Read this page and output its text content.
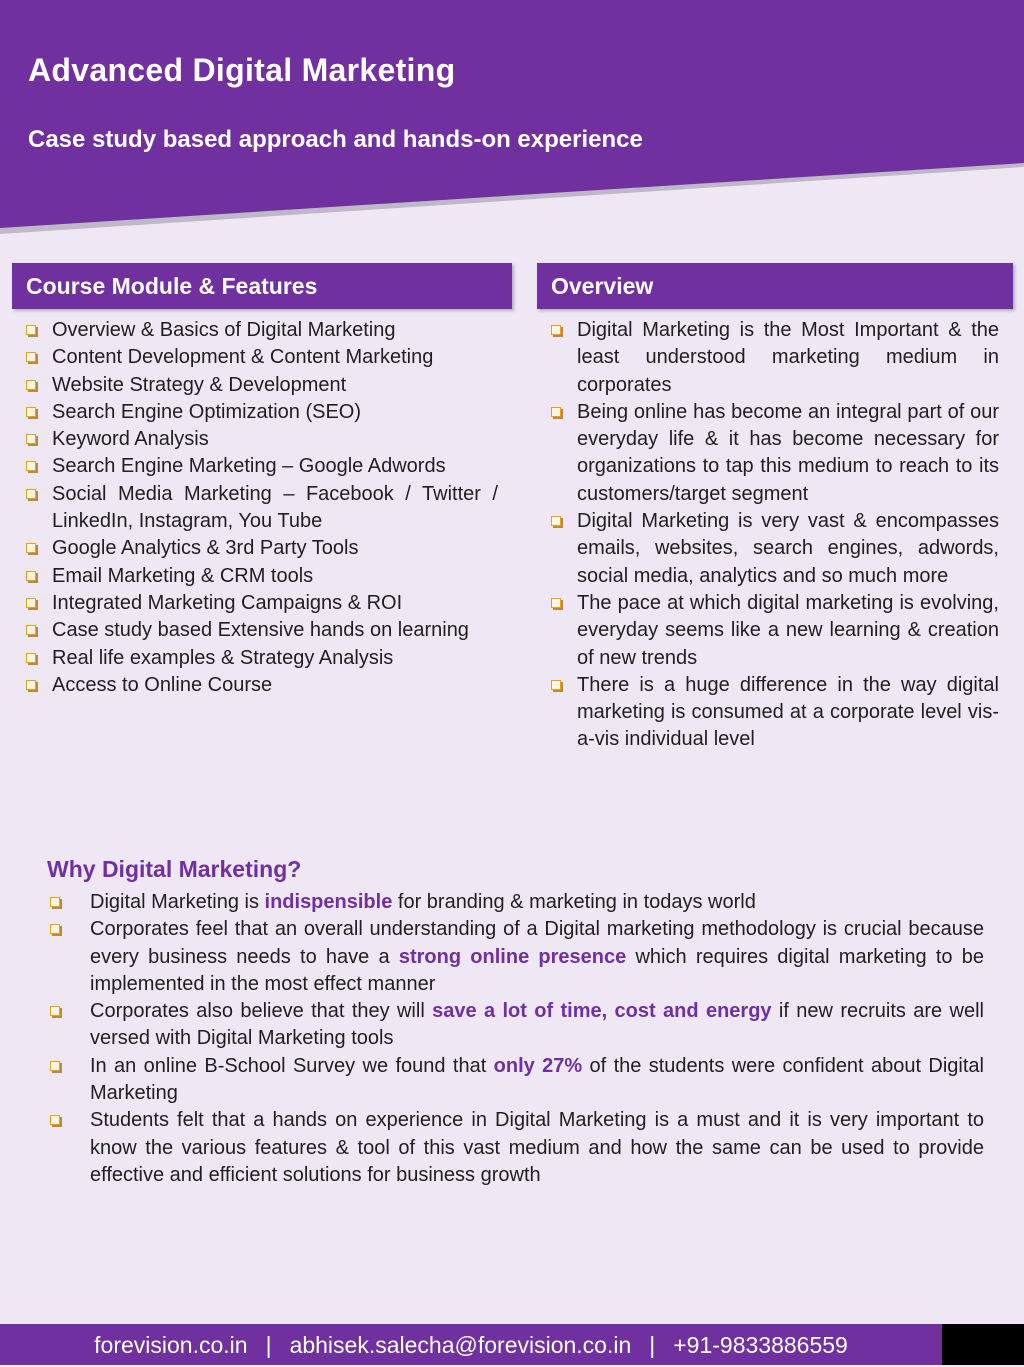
Advanced Digital Marketing
Case study based approach and hands-on experience
Course Module & Features	Overview
Overview & Basics of Digital Marketing
Content Development & Content Marketing
Website Strategy & Development
Search Engine Optimization (SEO)
Keyword Analysis
Search Engine Marketing – Google Adwords
Social Media Marketing – Facebook / Twitter / LinkedIn, Instagram, You Tube
Google Analytics & 3rd Party Tools
Email Marketing & CRM tools
Integrated Marketing Campaigns & ROI
Case study based Extensive hands on learning
Real life examples & Strategy Analysis
Access to Online Course
Digital Marketing is the Most Important & the least understood marketing medium in corporates
Being online has become an integral part of our everyday life & it has become necessary for organizations to tap this medium to reach to its customers/target segment
Digital Marketing is very vast & encompasses emails, websites, search engines, adwords, social media, analytics and so much more
The pace at which digital marketing is evolving, everyday seems like a new learning & creation of new trends
There is a huge difference in the way digital marketing is consumed at a corporate level vis-a-vis individual level
Why Digital Marketing?
Digital Marketing is indispensible for branding & marketing in todays world
Corporates feel that an overall understanding of a Digital marketing methodology is crucial because every business needs to have a strong online presence which requires digital marketing to be implemented in the most effect manner
Corporates also believe that they will save a lot of time, cost and energy if new recruits are well versed with Digital Marketing tools
In an online B-School Survey we found that only 27% of the students were confident about Digital Marketing
Students felt that a hands on experience in Digital Marketing is a must and it is very important to know the various features & tool of this vast medium and how the same can be used to provide effective and efficient solutions for business growth
forevision.co.in | abhisek.salecha@forevision.co.in | +91-9833886559
